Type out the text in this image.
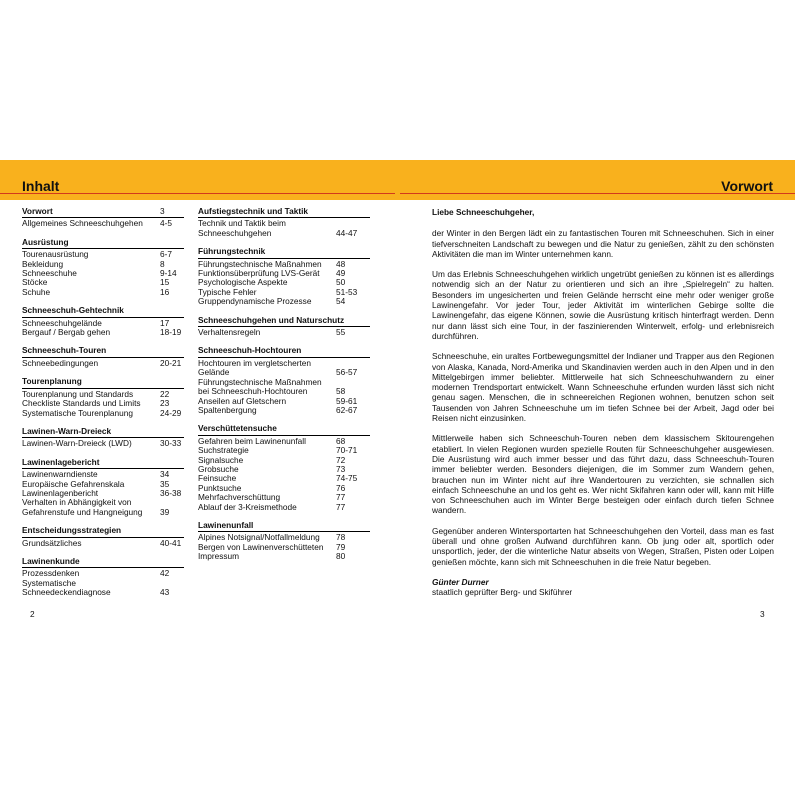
Inhalt	Vorwort
Vorwort	3
Allgemeines Schneeschuhgehen	4-5
Ausrüstung
Tourenausrüstung	6-7
Bekleidung	8
Schneeschuhe	9-14
Stöcke	15
Schuhe	16
Schneeschuh-Gehtechnik
Schneeschuhgelände	17
Bergauf / Bergab gehen	18-19
Schneeschuh-Touren
Schneebedingungen	20-21
Tourenplanung
Tourenplanung und Standards	22
Checkliste Standards und Limits	23
Systematische Tourenplanung	24-29
Lawinen-Warn-Dreieck
Lawinen-Warn-Dreieck (LWD)	30-33
Lawinenlagebericht
Lawinenwarndienste	34
Europäische Gefahrenskala	35
Lawinenlagenbericht	36-38
Verhalten in Abhängigkeit von
Gefahrenstufe und Hangneigung	39
Entscheidungsstrategien
Grundsätzliches	40-41
Lawinenkunde
Prozessdenken	42
Systematische
Schneedeckendiagnose	43
Aufstiegstechnik und Taktik
Technik und Taktik beim
Schneeschuhgehen	44-47
Führungstechnik
Führungstechnische Maßnahmen	48
Funktionsüberprüfung LVS-Gerät	49
Psychologische Aspekte	50
Typische Fehler	51-53
Gruppendynamische Prozesse	54
Schneeschuhgehen und Naturschutz
Verhaltensregeln	55
Schneeschuh-Hochtouren
Hochtouren im vergletscherten
Gelände	56-57
Führungstechnische Maßnahmen
bei Schneeschuh-Hochtouren	58
Anseilen auf Gletschern	59-61
Spaltenbergung	62-67
Verschüttetensuche
Gefahren beim Lawinenunfall	68
Suchstrategie	70-71
Signalsuche	72
Grobsuche	73
Feinsuche	74-75
Punktsuche	76
Mehrfachverschüttung	77
Ablauf der 3-Kreismethode	77
Lawinenunfall
Alpines Notsignal/Notfallmeldung	78
Bergen von Lawinenverschütteten	79
Impressum	80
Liebe Schneeschuhgeher,

der Winter in den Bergen lädt ein zu fantastischen Touren mit Schneeschuhen. Sich in einer tiefverschneiten Landschaft zu bewegen und die Natur zu genießen, zählt zu den schönsten Aktivitäten die man im Winter unternehmen kann.

Um das Erlebnis Schneeschuhgehen wirklich ungetrübt genießen zu können ist es allerdings notwendig sich an der Natur zu orientieren und sich an ihre „Spielregeln“ zu halten. Besonders im ungesicherten und freien Gelände herrscht eine mehr oder weniger große Lawinengefahr. Vor jeder Tour, jeder Aktivität im winterlichen Gebirge sollte die Lawinengefahr, das eigene Können, sowie die Ausrüstung kritisch hinterfragt werden. Denn nur dann lässt sich eine Tour, in der faszinierenden Winterwelt, erfolg- und erlebnisreich durchführen.

Schneeschuhe, ein uraltes Fortbewegungsmittel der Indianer und Trapper aus den Regionen von Alaska, Kanada, Nord-Amerika und Skandinavien werden auch in den Alpen und in den Mittelgebirgen immer beliebter. Mittlerweile hat sich Schneeschuhwandern zu einer modernen Trendsportart entwickelt. Wann Schneeschuhe erfunden wurden lässt sich nicht genau sagen. Menschen, die in schneereichen Regionen wohnen, benutzen schon seit Tausenden von Jahren Schneeschuhe um im tiefen Schnee bei der Arbeit, Jagd oder bei Reisen nicht einzusinken.

Mittlerweile haben sich Schneeschuh-Touren neben dem klassischem Skitourengehen etabliert. In vielen Regionen wurden spezielle Routen für Schneeschuhgeher ausgewiesen. Die Ausrüstung wird auch immer besser und das führt dazu, dass Schneeschuh-Touren immer beliebter werden. Besonders diejenigen, die im Sommer zum Wandern gehen, brauchen nun im Winter nicht auf ihre Wandertouren zu verzichten, sie schnallen sich einfach Schneeschuhe an und los geht es. Wer nicht Skifahren kann oder will, kann mit Hilfe von Schneeschuhen auch im Winter Berge besteigen oder einfach durch tiefen Schnee wandern.

Gegenüber anderen Wintersportarten hat Schneeschuhgehen den Vorteil, dass man es fast überall und ohne großen Aufwand durchführen kann. Ob jung oder alt, sportlich oder unsportlich, jeder, der die winterliche Natur abseits von Wegen, Straßen, Pisten oder Loipen genießen möchte, kann sich mit Schneeschuhen in die freie Natur begeben.

Günter Durner
staatlich geprüfter Berg- und Skiführer
2	3
